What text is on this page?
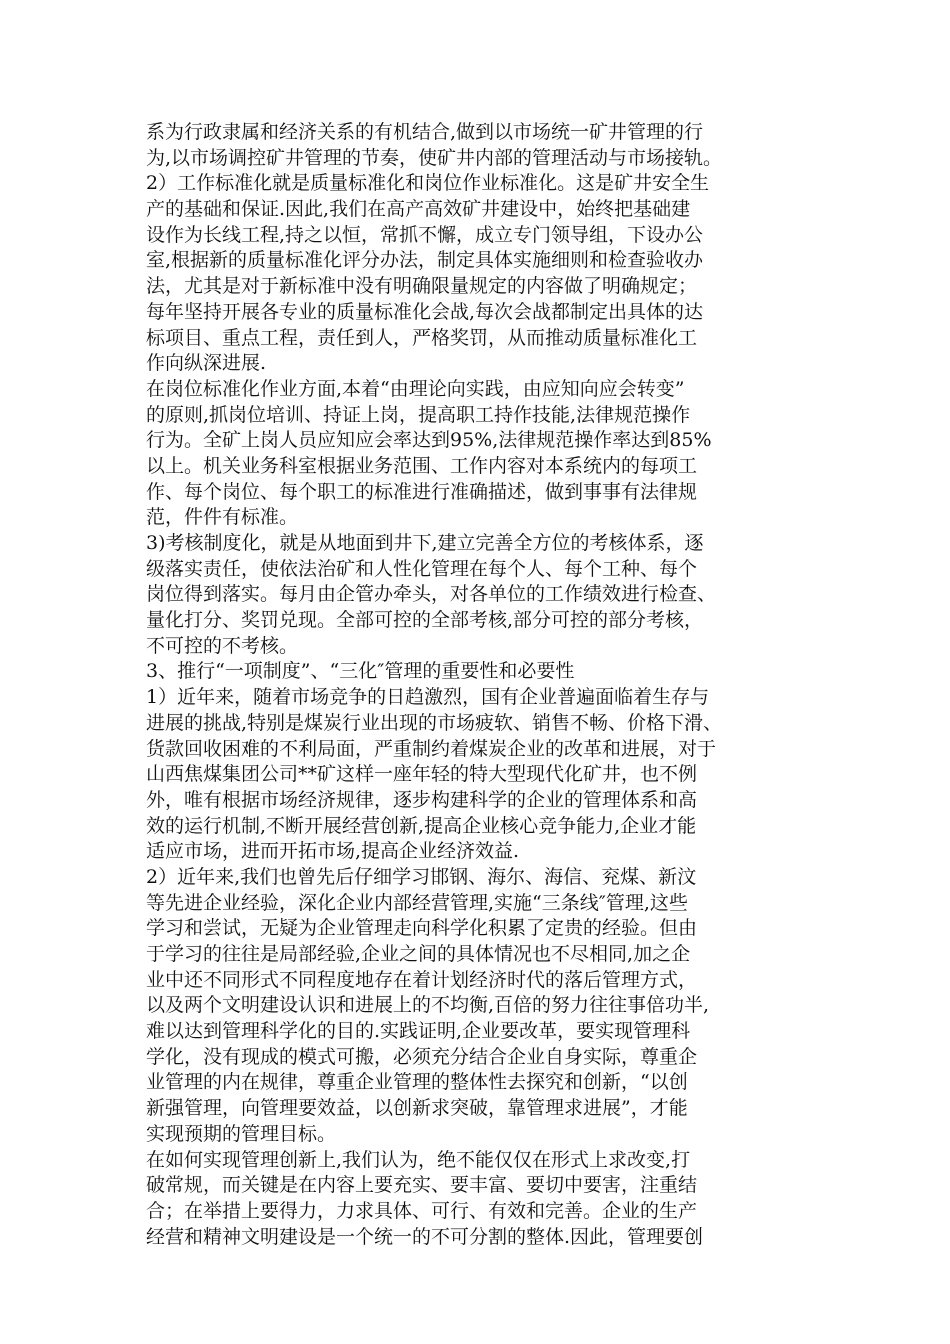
系为行政隶属和经济关系的有机结合,做到以市场统一矿井管理的行
为,以市场调控矿井管理的节奏，使矿井内部的管理活动与市场接轨。
2）工作标准化就是质量标准化和岗位作业标准化。这是矿井安全生
产的基础和保证.因此,我们在高产高效矿井建设中，始终把基础建
设作为长线工程,持之以恒，常抓不懈，成立专门领导组，下设办公
室,根据新的质量标准化评分办法，制定具体实施细则和检查验收办
法，尤其是对于新标准中没有明确限量规定的内容做了明确规定；
每年坚持开展各专业的质量标准化会战,每次会战都制定出具体的达
标项目、重点工程，责任到人，严格奖罚，从而推动质量标准化工
作向纵深进展.
在岗位标准化作业方面,本着“由理论向实践，由应知向应会转变”
的原则,抓岗位培训、持证上岗，提高职工持作技能,法律规范操作
行为。全矿上岗人员应知应会率达到95%,法律规范操作率达到85%
以上。机关业务科室根据业务范围、工作内容对本系统内的每项工
作、每个岗位、每个职工的标准进行准确描述，做到事事有法律规
范，件件有标准。
3)考核制度化，就是从地面到井下,建立完善全方位的考核体系，逐
级落实责任，使依法治矿和人性化管理在每个人、每个工种、每个
岗位得到落实。每月由企管办牵头，对各单位的工作绩效进行检查、
量化打分、奖罚兑现。全部可控的全部考核,部分可控的部分考核，
不可控的不考核。
3、推行“一项制度”、“三化″管理的重要性和必要性
1）近年来，随着市场竞争的日趋激烈，国有企业普遍面临着生存与
进展的挑战,特别是煤炭行业出现的市场疲软、销售不畅、价格下滑、
货款回收困难的不利局面，严重制约着煤炭企业的改革和进展，对于
山西焦煤集团公司**矿这样一座年轻的特大型现代化矿井，也不例
外，唯有根据市场经济规律，逐步构建科学的企业的管理体系和高
效的运行机制,不断开展经营创新,提高企业核心竞争能力,企业才能
适应市场，进而开拓市场,提高企业经济效益.
2）近年来,我们也曾先后仔细学习邯钢、海尔、海信、兖煤、新汶
等先进企业经验，深化企业内部经营管理,实施“三条线″管理,这些
学习和尝试，无疑为企业管理走向科学化积累了定贵的经验。但由
于学习的往往是局部经验,企业之间的具体情况也不尽相同,加之企
业中还不同形式不同程度地存在着计划经济时代的落后管理方式，
以及两个文明建设认识和进展上的不均衡,百倍的努力往往事倍功半,
难以达到管理科学化的目的.实践证明,企业要改革，要实现管理科
学化，没有现成的模式可搬，必须充分结合企业自身实际，尊重企
业管理的内在规律，尊重企业管理的整体性去探究和创新，“以创
新强管理，向管理要效益，以创新求突破，靠管理求进展”，才能
实现预期的管理目标。
在如何实现管理创新上,我们认为，绝不能仅仅在形式上求改变,打
破常规，而关键是在内容上要充实、要丰富、要切中要害，注重结
合；在举措上要得力，力求具体、可行、有效和完善。企业的生产
经营和精神文明建设是一个统一的不可分割的整体.因此，管理要创
